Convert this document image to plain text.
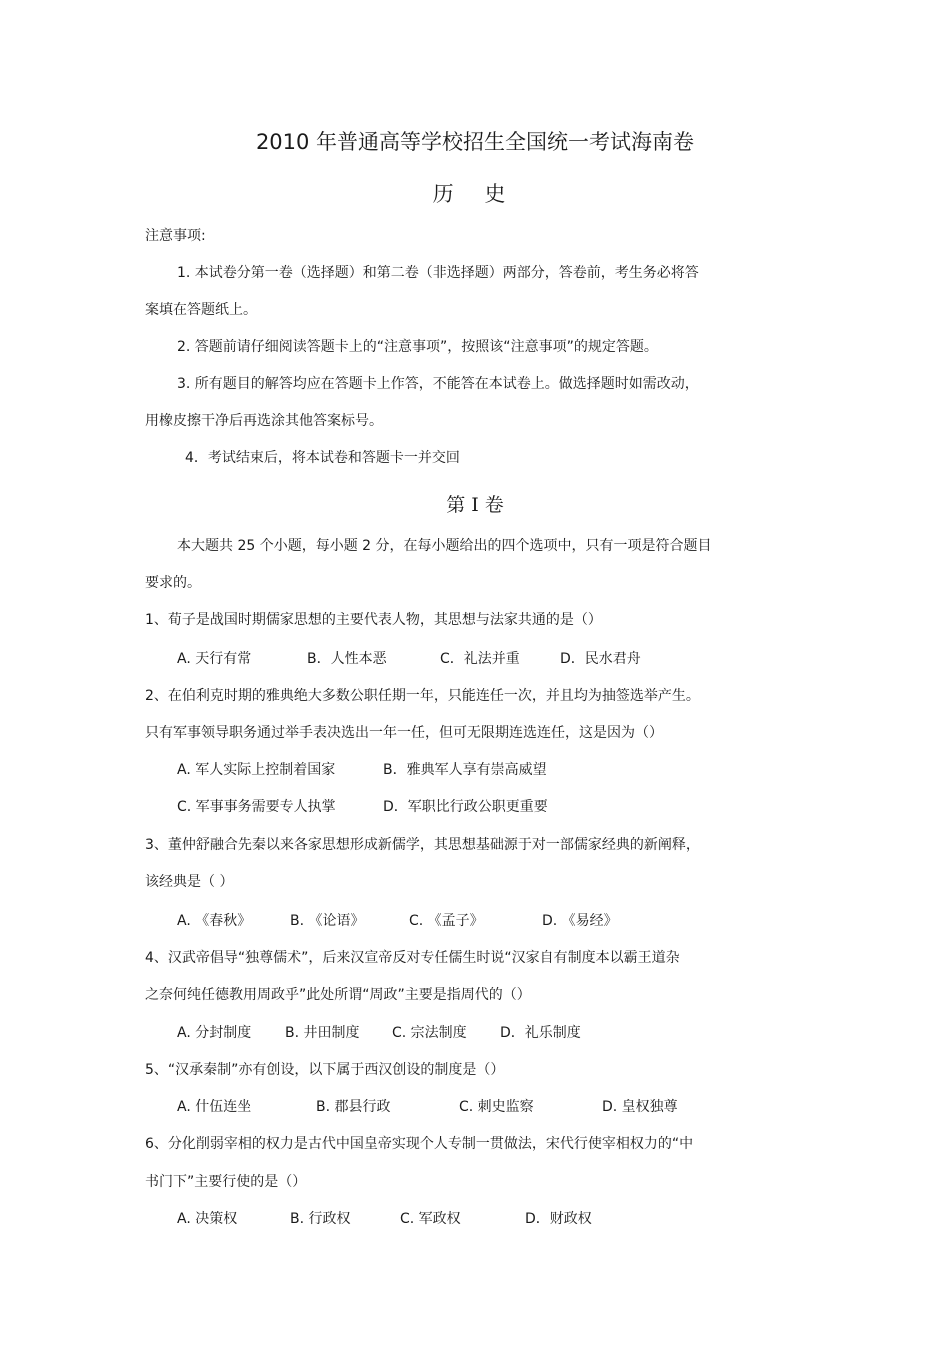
2010 年普通高等学校招生全国统一考试海南卷
历 史
注意事项:
1. 本试卷分第一卷（选择题）和第二卷（非选择题）两部分，答卷前，考生务必将答
案填在答题纸上。
2. 答题前请仔细阅读答题卡上的“注意事项”，按照该“注意事项”的规定答题。
3. 所有题目的解答均应在答题卡上作答，不能答在本试卷上。做选择题时如需改动，
用橡皮擦干净后再选涂其他答案标号。
4．考试结束后，将本试卷和答题卡一并交回
第 I 卷
本大题共 25 个小题，每小题 2 分，在每小题给出的四个选项中，只有一项是符合题目
要求的。
1、荀子是战国时期儒家思想的主要代表人物，其思想与法家共通的是（）
A. 天行有常	B．人性本恶	C．礼法并重	D．民水君舟
2、在伯利克时期的雅典绝大多数公职任期一年，只能连任一次，并且均为抽签选举产生。
只有军事领导职务通过举手表决选出一年一任，但可无限期连选连任，这是因为（）
A. 军人实际上控制着国家	B．雅典军人享有崇高威望
C. 军事事务需要专人执掌	D．军职比行政公职更重要
3、董仲舒融合先秦以来各家思想形成新儒学，其思想基础源于对一部儒家经典的新阐释，
该经典是（ ）
A. 《春秋》	B. 《论语》	C. 《孟子》	D. 《易经》
4、汉武帝倡导“独尊儒术”，后来汉宣帝反对专任儒生时说“汉家自有制度本以霸王道杂
之奈何纯任德教用周政乎”此处所谓“周政”主要是指周代的（）
A. 分封制度 B. 井田制度 C. 宗法制度 D．礼乐制度
5、“汉承秦制”亦有创设，以下属于西汉创设的制度是（）
A. 什伍连坐	B. 郡县行政	C. 刺史监察	D. 皇权独尊
6、分化削弱宰相的权力是古代中国皇帝实现个人专制一贯做法，宋代行使宰相权力的“中
书门下”主要行使的是（）
A. 决策权	B. 行政权	C. 军政权	D．财政权
